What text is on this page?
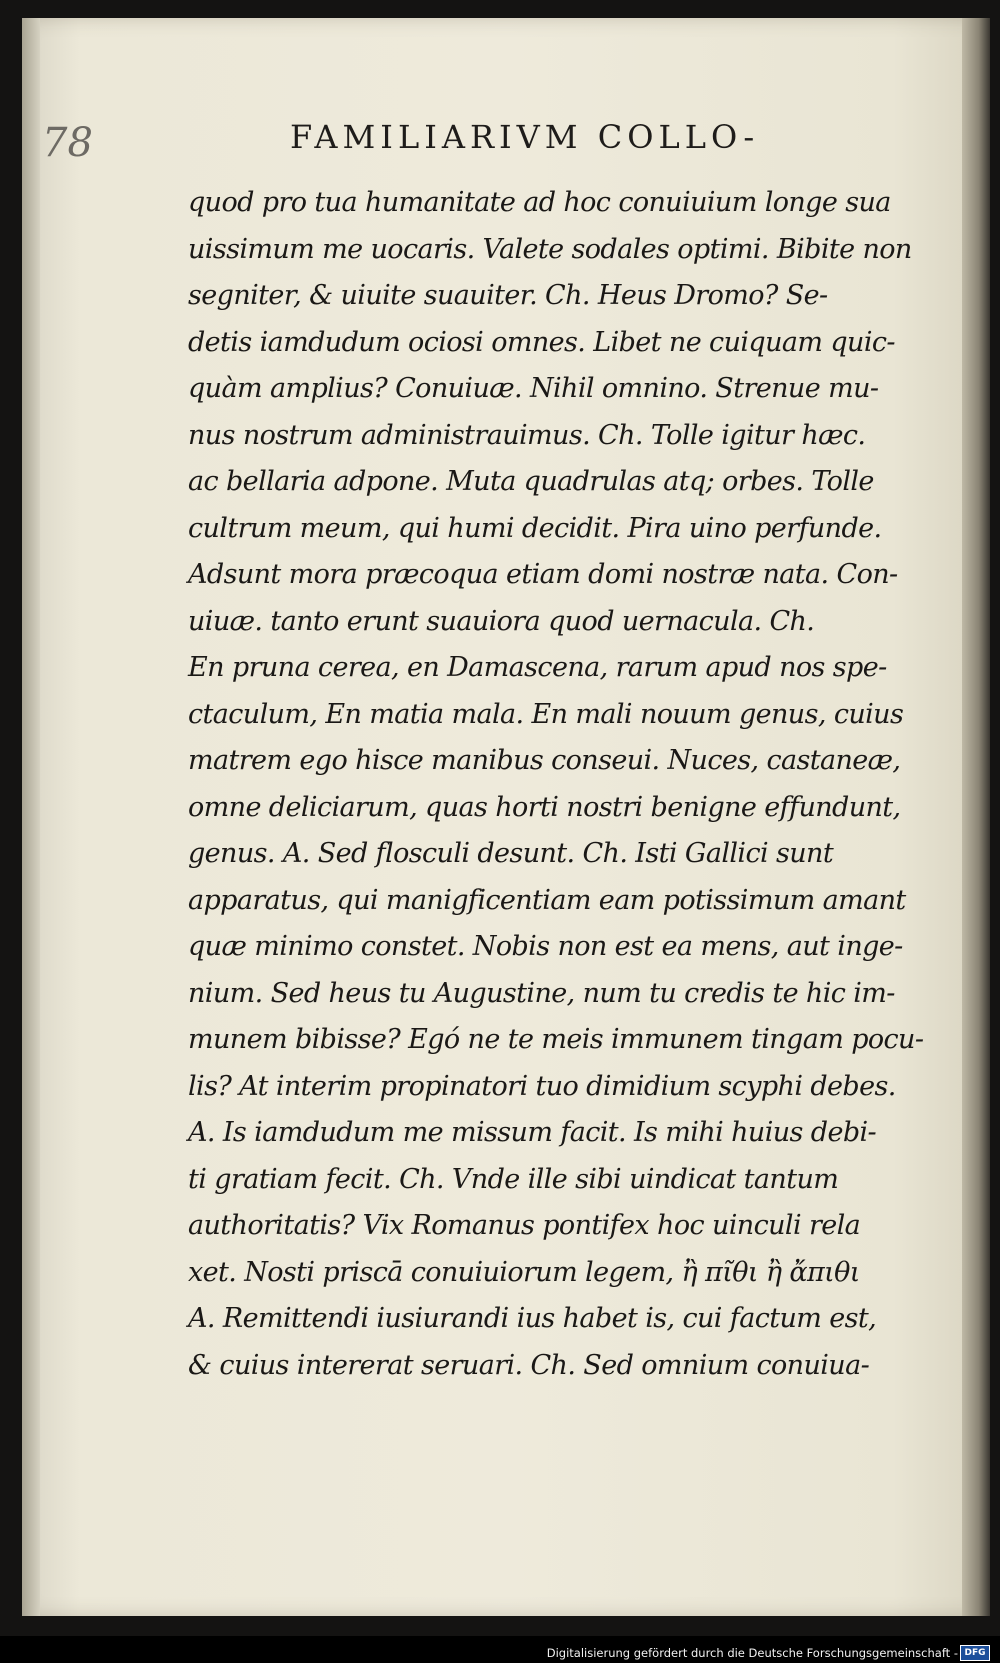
78	FAMILIARIVM COLLO-
quod pro tua humanitate ad hoc conuiuium longe sua
uissimum me uocaris. Valete sodales optimi. Bibite non
segniter, & uiuite suauiter. Ch. Heus Dromo? Se-
detis iamdudum ociosi omnes. Libet ne cuiquam quic-
quàm amplius? Conuiuæ. Nihil omnino. Strenue mu-
nus nostrum administrauimus. Ch. Tolle igitur hæc.
ac bellaria adpone. Muta quadrulas atq; orbes. Tolle
cultrum meum, qui humi decidit. Pira uino perfunde.
Adsunt mora præcoqua etiam domi nostræ nata. Con-
uiuæ. tanto erunt suauiora quod uernacula. Ch.
En pruna cerea, en Damascena, rarum apud nos spe-
ctaculum, En matia mala. En mali nouum genus, cuius
matrem ego hisce manibus conseui. Nuces, castaneæ,
omne deliciarum, quas horti nostri benigne effundunt,
genus. A. Sed flosculi desunt. Ch. Isti Gallici sunt
apparatus, qui manigficentiam eam potissimum amant
quæ minimo constet. Nobis non est ea mens, aut inge-
nium. Sed heus tu Augustine, num tu credis te hic im-
munem bibisse? Egó ne te meis immunem tingam pocu-
lis? At interim propinatori tuo dimidium scyphi debes.
A. Is iamdudum me missum facit. Is mihi huius debi-
ti gratiam fecit. Ch. Vnde ille sibi uindicat tantum
authoritatis? Vix Romanus pontifex hoc uinculi rela
xet. Nosti priscā conuiuiorum legem, ἢ πῖθι ἢ ἄπιθι
A. Remittendi iusiurandi ius habet is, cui factum est,
& cuius intererat seruari. Ch. Sed omnium conuiua-
Digitalisierung gefördert durch die Deutsche Forschungsgemeinschaft - DFG
